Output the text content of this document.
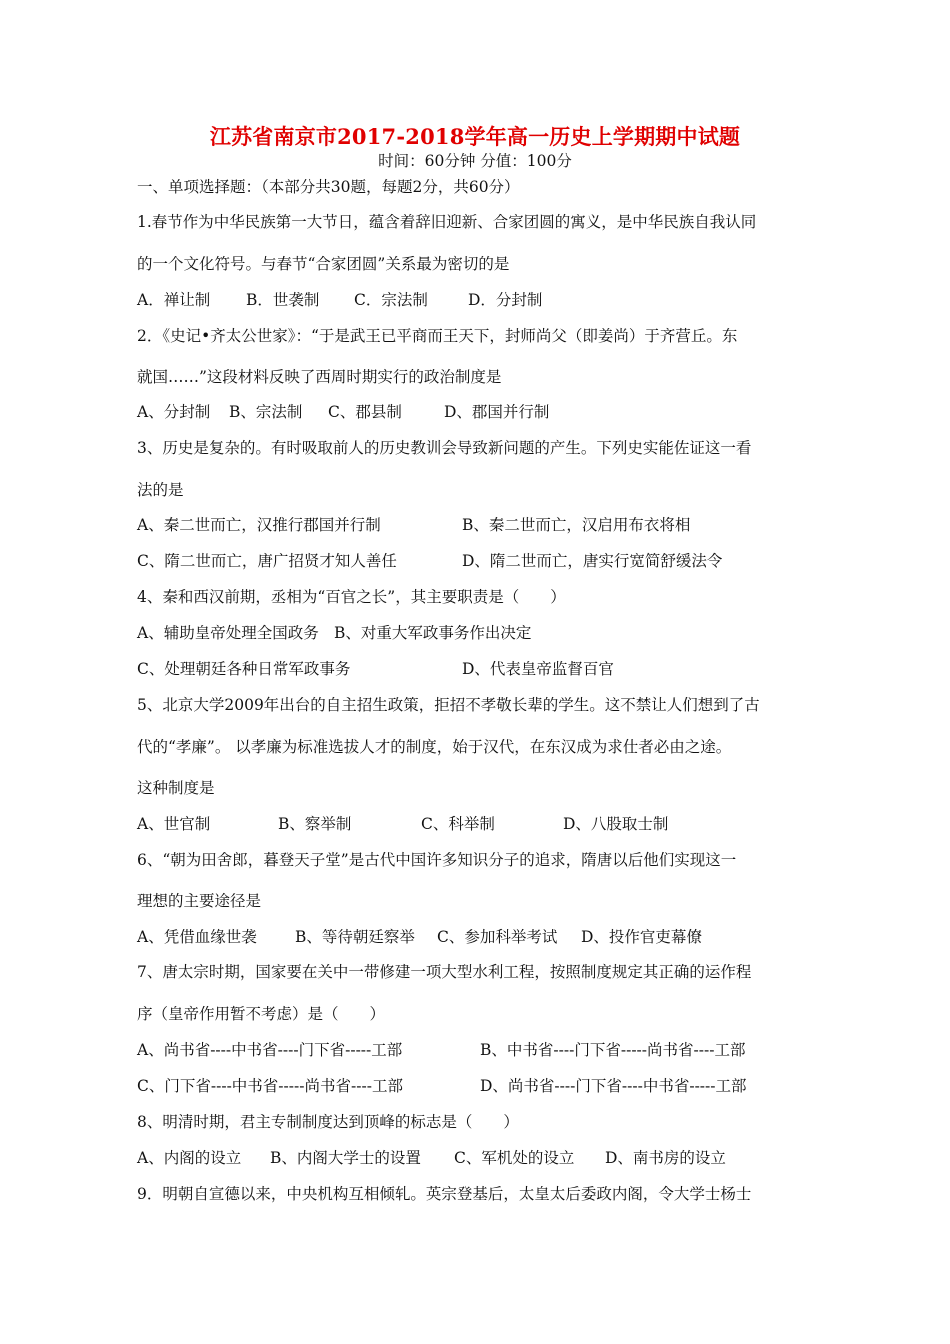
江苏省南京市2017-2018学年高一历史上学期期中试题
时间：60分钟 分值：100分
一、单项选择题：（本部分共30题，每题2分，共60分）
1.春节作为中华民族第一大节日，蕴含着辞旧迎新、合家团圆的寓义，是中华民族自我认同
的一个文化符号。与春节“合家团圆”关系最为密切的是
A．禅让制 B．世袭制 C．宗法制	D．分封制
2．《史记•齐太公世家》：“于是武王已平商而王天下，封师尚父（即姜尚）于齐营丘。东
就国……”这段材料反映了西周时期实行的政治制度是
A、分封制 B、宗法制 C、郡县制	D、郡国并行制
3、历史是复杂的。有时吸取前人的历史教训会导致新问题的产生。下列史实能佐证这一看
法的是
A、秦二世而亡，汉推行郡国并行制	B、秦二世而亡，汉启用布衣将相
C、隋二世而亡，唐广招贤才知人善任	D、隋二世而亡，唐实行宽简舒缓法令
4、秦和西汉前期，丞相为“百官之长”，其主要职责是（　　）
A、辅助皇帝处理全国政务 B、对重大军政事务作出决定
C、处理朝廷各种日常军政事务	D、代表皇帝监督百官
5、北京大学2009年出台的自主招生政策，拒招不孝敬长辈的学生。这不禁让人们想到了古
代的“孝廉”。 以孝廉为标准选拔人才的制度，始于汉代，在东汉成为求仕者必由之途。
这种制度是
A、世官制	B、察举制	C、科举制	D、八股取士制
6、“朝为田舍郎，暮登天子堂”是古代中国许多知识分子的追求，隋唐以后他们实现这一
理想的主要途径是
A、凭借血缘世袭 B、等待朝廷察举 C、参加科举考试 D、投作官吏幕僚
7、唐太宗时期，国家要在关中一带修建一项大型水利工程，按照制度规定其正确的运作程
序（皇帝作用暂不考虑）是（　　）
A、尚书省----中书省----门下省-----工部	B、中书省----门下省-----尚书省----工部
C、门下省----中书省-----尚书省----工部	D、尚书省----门下省----中书省-----工部
8、明清时期，君主专制制度达到顶峰的标志是（　　）
A、内阁的设立 B、内阁大学士的设置 C、军机处的设立 D、南书房的设立
9．明朝自宣德以来，中央机构互相倾轧。英宗登基后，太皇太后委政内阁，令大学士杨士
